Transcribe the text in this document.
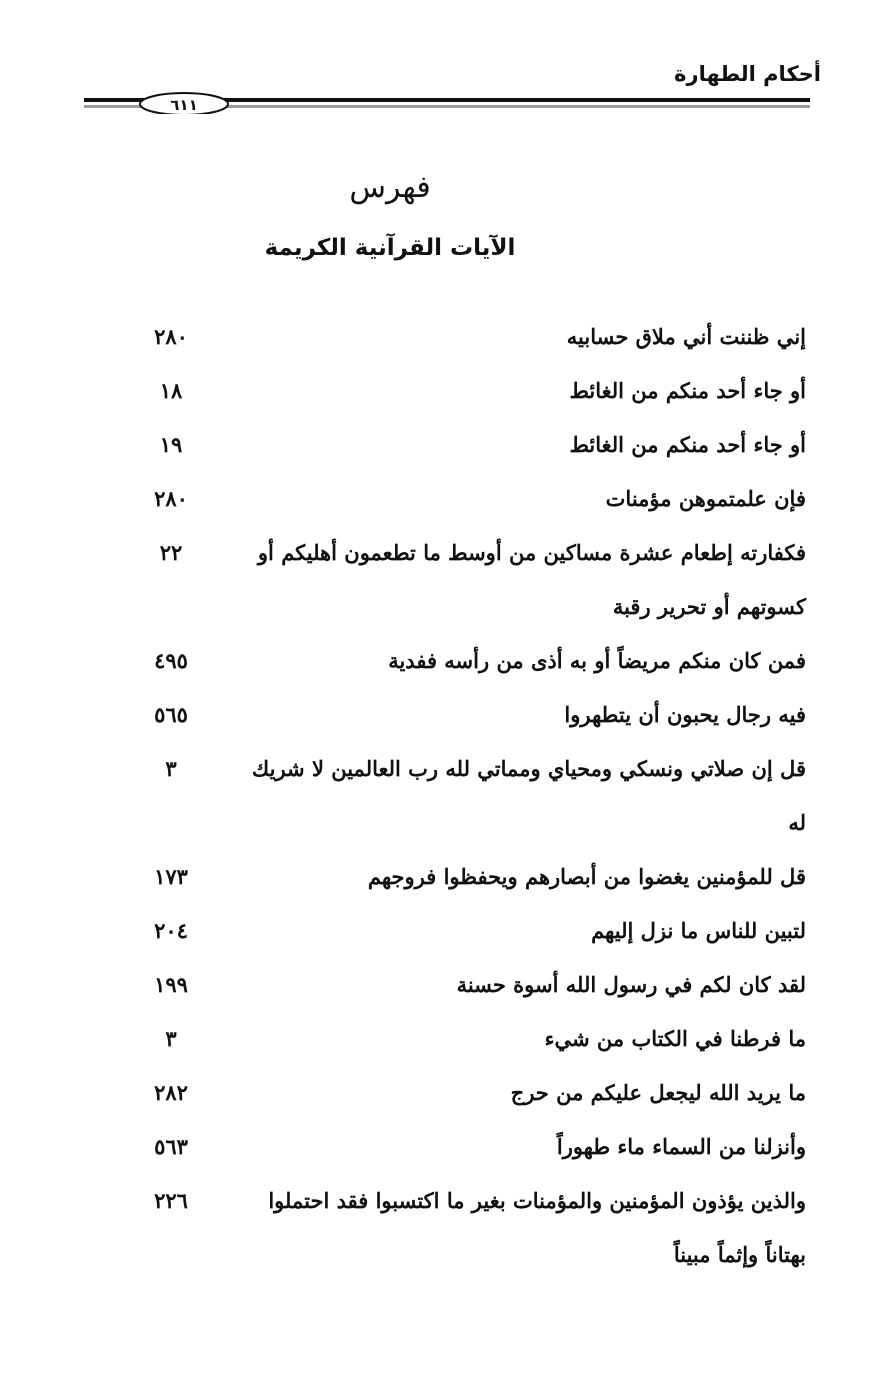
أحكام الطهارة
٦١١
فهرس
الآيات القرآنية الكريمة
إني ظننت أني ملاق حسابيه
٢٨٠
أو جاء أحد منكم من الغائط
١٨
أو جاء أحد منكم من الغائط
١٩
فإن علمتموهن مؤمنات
٢٨٠
فكفارته إطعام عشرة مساكين من أوسط ما تطعمون أهليكم أو كسوتهم أو تحرير رقبة
٢٢
فمن كان منكم مريضاً أو به أذى من رأسه ففدية
٤٩٥
فيه رجال يحبون أن يتطهروا
٥٦٥
قل إن صلاتي ونسكي ومحياي ومماتي لله رب العالمين لا شريك له
٣
قل للمؤمنين يغضوا من أبصارهم ويحفظوا فروجهم
١٧٣
لتبين للناس ما نزل إليهم
٢٠٤
لقد كان لكم في رسول الله أسوة حسنة
١٩٩
ما فرطنا في الكتاب من شيء
٣
ما يريد الله ليجعل عليكم من حرج
٢٨٢
وأنزلنا من السماء ماء طهوراً
٥٦٣
والذين يؤذون المؤمنين والمؤمنات بغير ما اكتسبوا فقد احتملوا بهتاناً وإثماً مبيناً
٢٢٦
